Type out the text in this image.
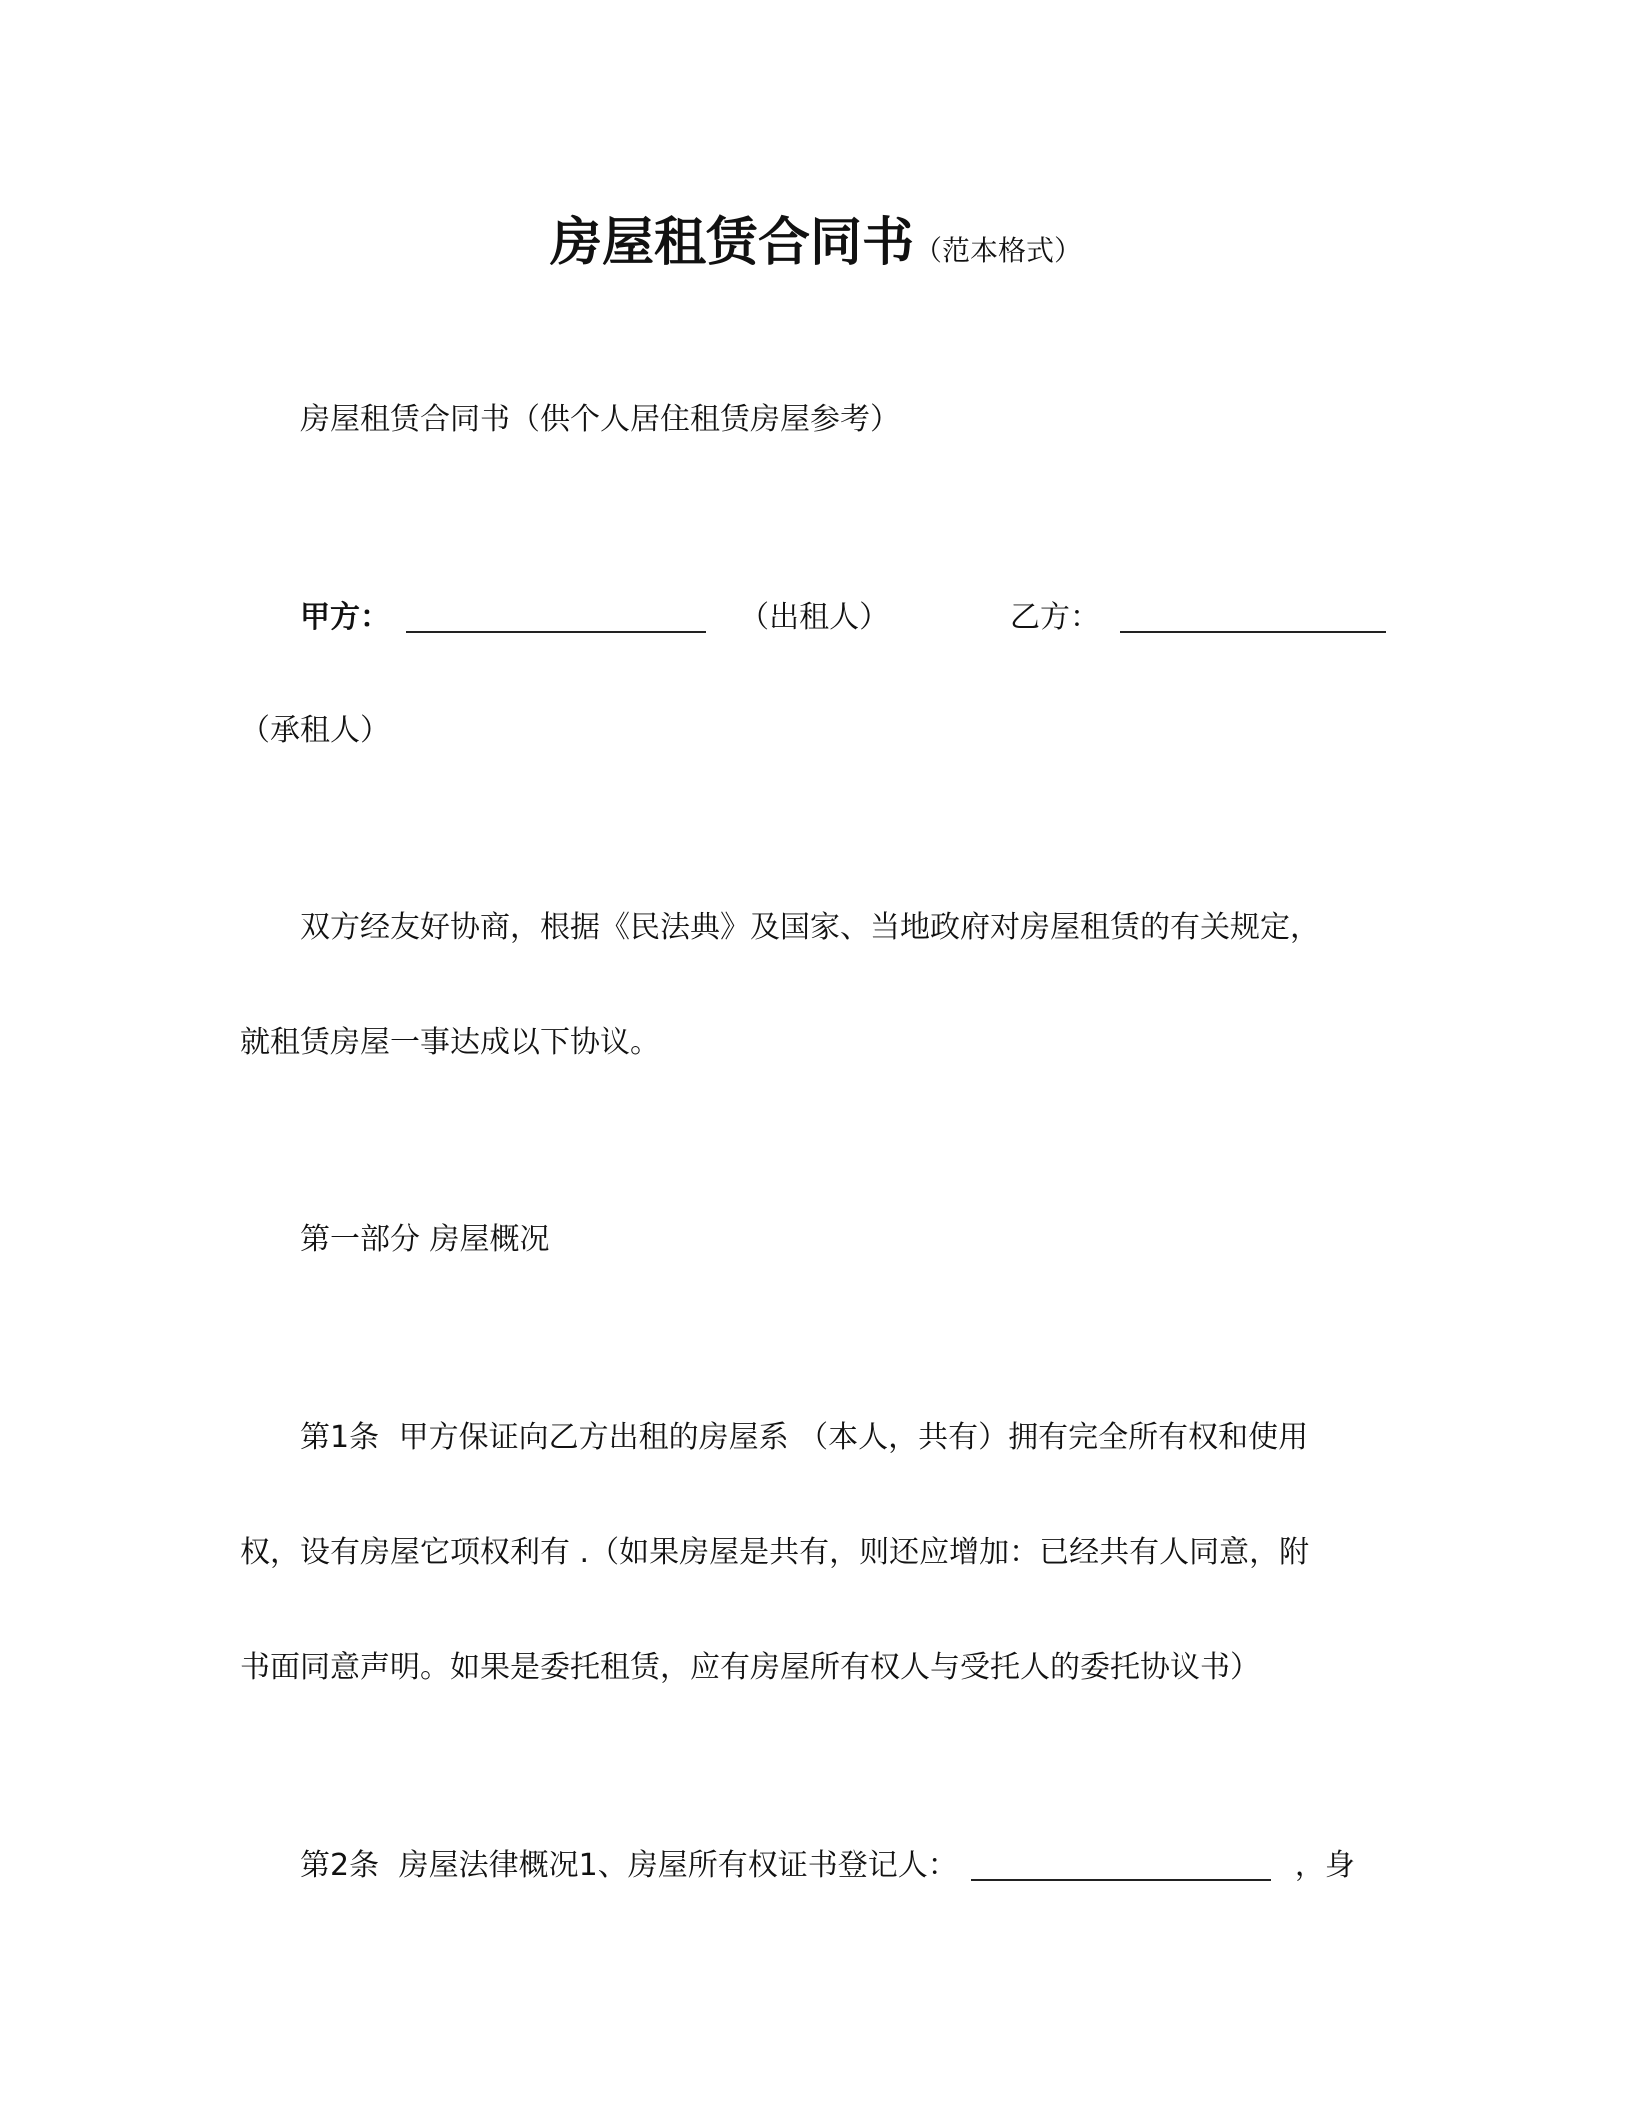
房屋租赁合同书（范本格式）
房屋租赁合同书（供个人居住租赁房屋参考）
甲方：	（出租人）	乙方：
（承租人）
双方经友好协商，根据《民法典》及国家、当地政府对房屋租赁的有关规定，
就租赁房屋一事达成以下协议。
第一部分 房屋概况
第1条 甲方保证向乙方出租的房屋系 （本人，共有）拥有完全所有权和使用
权，设有房屋它项权利有 .（如果房屋是共有，则还应增加：已经共有人同意，附
书面同意声明。如果是委托租赁，应有房屋所有权人与受托人的委托协议书）
第2条 房屋法律概况1、房屋所有权证书登记人：	，身
